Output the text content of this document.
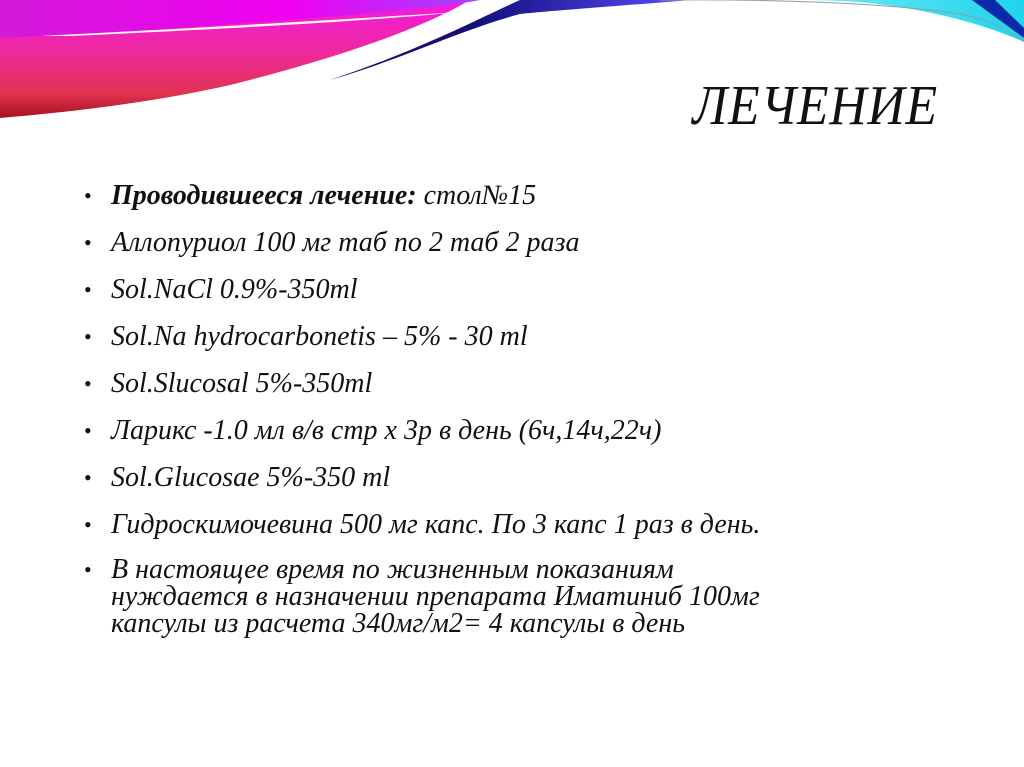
ЛЕЧЕНИЕ
• Проводившееся лечение: стол№15
• Аллопуриол 100 мг таб по 2 таб 2 раза
• Sol.NaCl 0.9%-350ml
• Sol.Na hydrocarbonetis – 5% - 30 ml
• Sol.Slucosal 5%-350ml
• Ларикс -1.0 мл в/в стр х 3р в день (6ч,14ч,22ч)
• Sol.Glucosae 5%-350 ml
• Гидроскимочевина 500 мг капс. По 3 капс 1 раз в день.
• В настоящее время по жизненным показаниям
нуждается в назначении препарата Иматиниб 100мг
капсулы из расчета 340мг/м2= 4 капсулы в день
